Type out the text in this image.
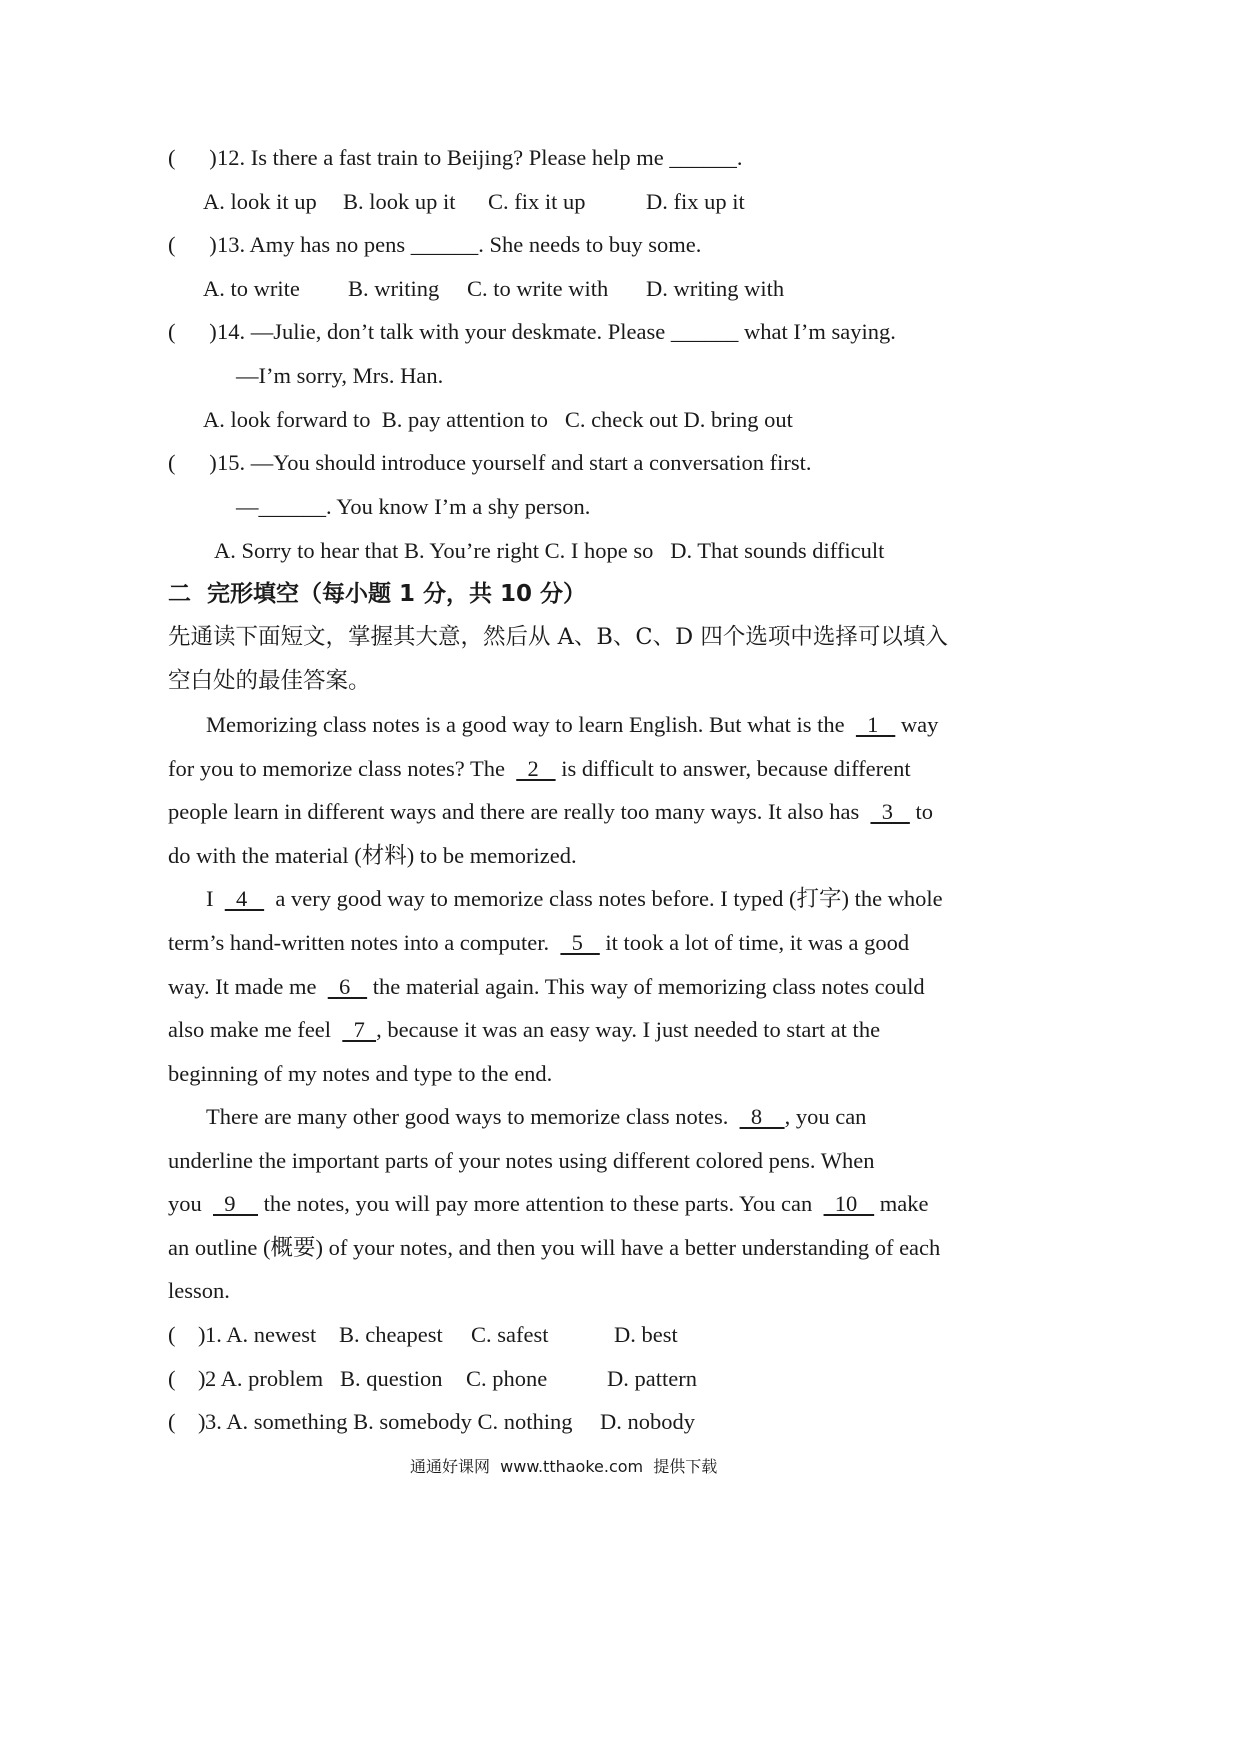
(      ) 12. Is there a fast train to Beijing? Please help me ______.
A. look it up B. look up it C. fix it up	D. fix up it
(      ) 13. Amy has no pens ______. She needs to buy some.
A. to write B. writing C. to write with D. writing with
(      ) 14. —Julie, don’t talk with your deskmate. Please ______ what I’m saying.
—I’m sorry, Mrs. Han.
A. look forward to  B. pay attention to   C. check out D. bring out
(      ) 15. —You should introduce yourself and start a conversation first.
—______. You know I’m a shy person.
A. Sorry to hear that B. You’re right C. I hope so   D. That sounds difficult
二  完形填空（每小题 1 分，共 10 分）
先通读下面短文，掌握其大意，然后从 A、B、C、D 四个选项中选择可以填入
空白处的最佳答案。
Memorizing class notes is a good way to learn English. But what is the    1    way
for you to memorize class notes? The    2    is difficult to answer, because different
people learn in different ways and there are really too many ways. It also has    3    to
do with the material (材料) to be memorized.
I    4     a very good way to memorize class notes before. I typed (打字) the whole
term’s hand-written notes into a computer.    5    it took a lot of time, it was a good
way. It made me    6    the material again. This way of memorizing class notes could
also make me feel    7  , because it was an easy way. I just needed to start at the
beginning of my notes and type to the end.
There are many other good ways to memorize class notes.    8    , you can
underline the important parts of your notes using different colored pens. When
you    9     the notes, you will pay more attention to these parts. You can    10    make
an outline (概要) of your notes, and then you will have a better understanding of each
lesson.
(    ) 1. A. newest B. cheapest C. safest	D. best
(    ) 2 A. problem B. question C. phone	D. pattern
(    ) 3. A. something B. somebody C. nothing D. nobody
通通好课网  www.tthaoke.com  提供下载
